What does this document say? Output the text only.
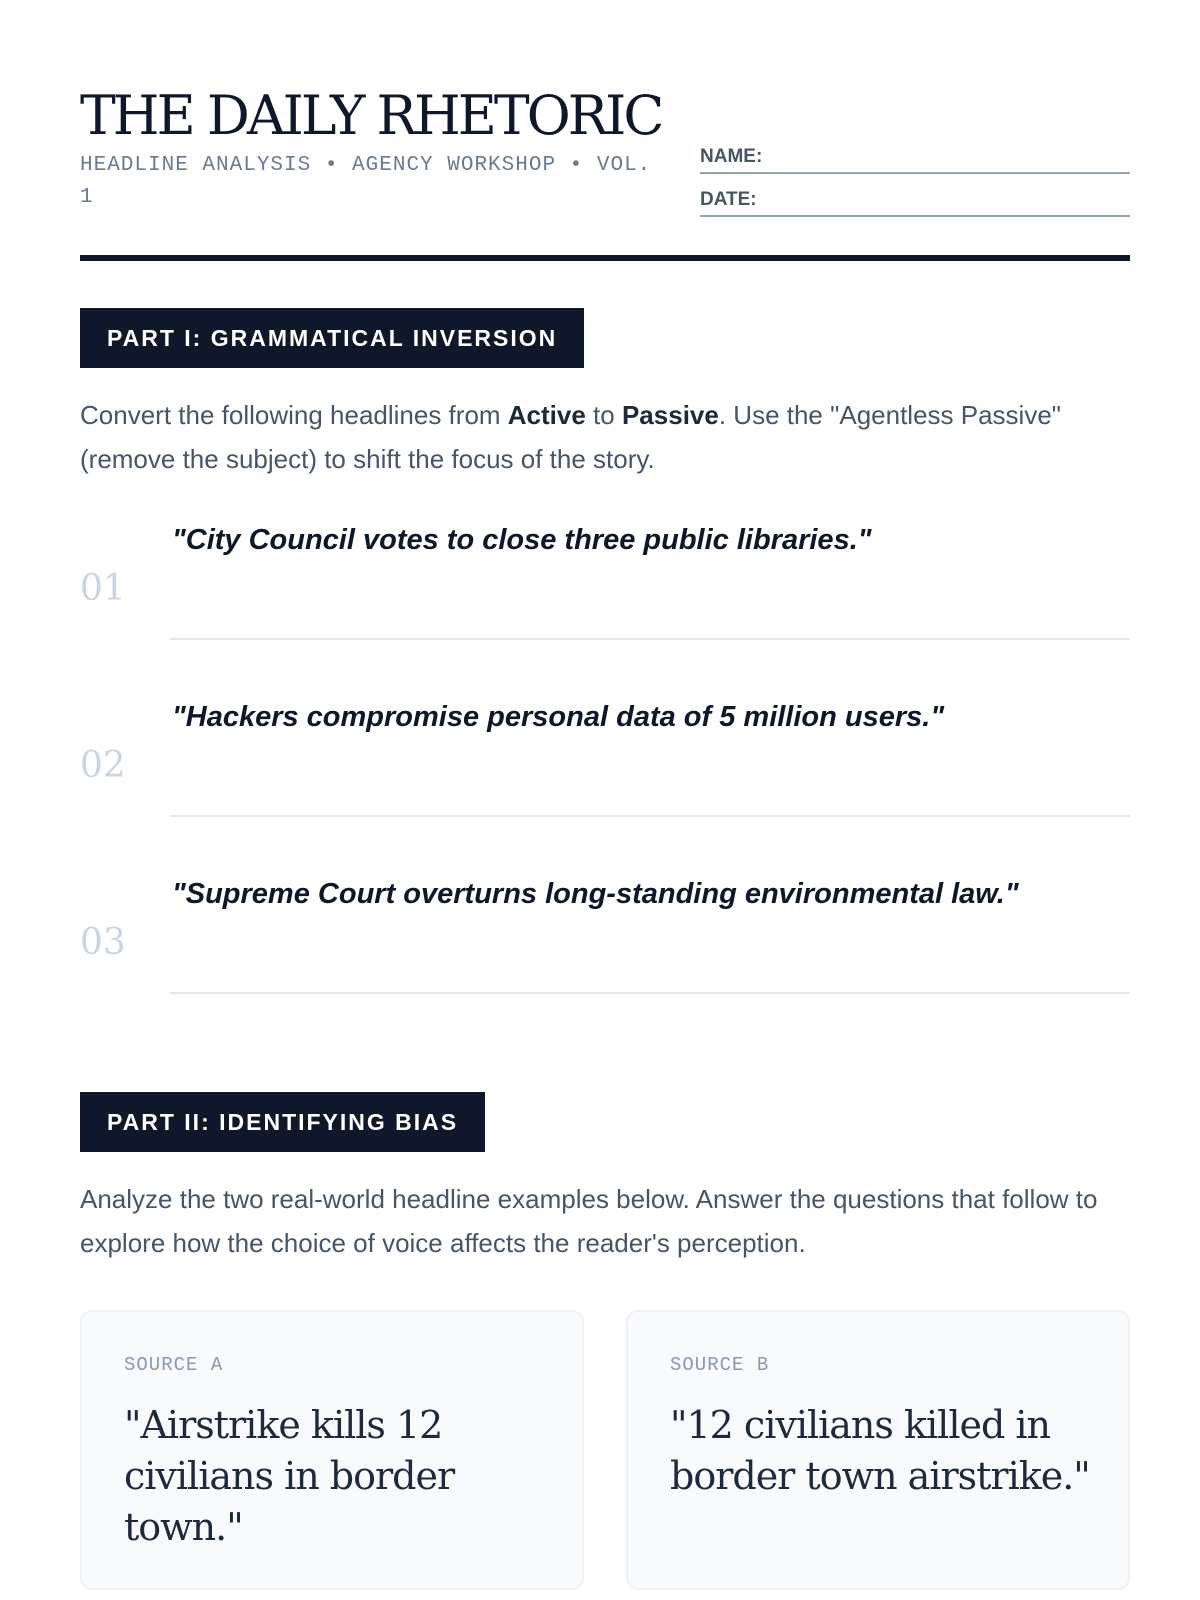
THE DAILY RHETORIC
HEADLINE ANALYSIS • AGENCY WORKSHOP • VOL. 1
NAME:
DATE:
PART I: GRAMMATICAL INVERSION
Convert the following headlines from Active to Passive. Use the "Agentless Passive" (remove the subject) to shift the focus of the story.
01
"City Council votes to close three public libraries."
02
"Hackers compromise personal data of 5 million users."
03
"Supreme Court overturns long-standing environmental law."
PART II: IDENTIFYING BIAS
Analyze the two real-world headline examples below. Answer the questions that follow to explore how the choice of voice affects the reader's perception.
SOURCE A
"Airstrike kills 12 civilians in border town."
SOURCE B
"12 civilians killed in border town airstrike."
